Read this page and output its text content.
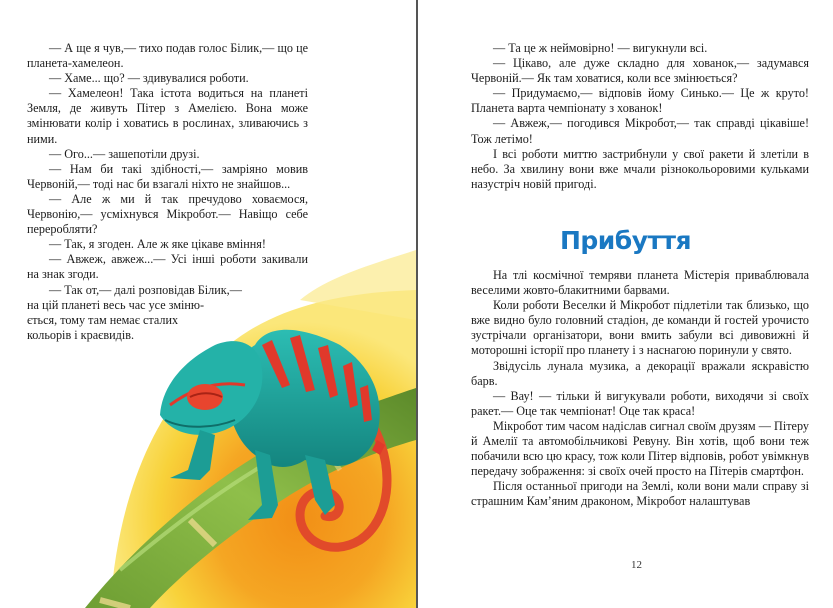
— А ще я чув,— тихо подав голос Білик,— що це планета-хамелеон.

— Хаме... що? — здивувалися роботи.

— Хамелеон! Така істота водиться на планеті Земля, де живуть Пітер з Амелією. Вона може змінювати колір і ховатись в рослинах, зливаючись з ними.

— Ого...— зашепотіли друзі.

— Нам би такі здібності,— замріяно мовив Червоній,— тоді нас би взагалі ніхто не знайшов...

— Але ж ми й так пречудово ховаємося, Червонію,— усміхнувся Мікробот.— Навіщо себе переробляти?

— Так, я згоден. Але ж яке цікаве вміння!

— Авжеж, авжеж...— Усі інші роботи закивали на знак згоди.

— Так от,— далі розповідав Білик,—

на цій планеті весь час усе зміню-

ється, тому там немає сталих

кольорів і краєвидів.

— Та це ж неймовірно! — вигукнули всі.

— Цікаво, але дуже складно для хованок,— задумався Червоній.— Як там ховатися, коли все змінюється?

— Придумаємо,— відповів йому Синько.— Це ж круто! Планета варта чемпіонату з хованок!

— Авжеж,— погодився Мікробот,— так справді цікавіше! Тож летімо!

І всі роботи миттю застрибнули у свої ракети й злетіли в небо. За хвилину вони вже мчали різнокольоровими кульками назустріч новій пригоді.

Прибуття

На тлі космічної темряви планета Містерія приваблювала веселими жовто-блакитними барвами.

Коли роботи Веселки й Мікробот підлетіли так близько, що вже видно було головний стадіон, де команди й гостей урочисто зустрічали організатори, вони вмить забули всі дивовижні й моторошні історії про планету і з наснагою поринули у свято.

Звідусіль лунала музика, а декорації вражали яскравістю барв.

— Вау! — тільки й вигукували роботи, виходячи зі своїх ракет.— Оце так чемпіонат! Оце так краса!

Мікробот тим часом надіслав сигнал своїм друзям — Пітеру й Амелії та автомобільчикові Ревуну. Він хотів, щоб вони теж побачили всю цю красу, тож коли Пітер відповів, робот увімкнув передачу зображення: зі своїх очей просто на Пітерів смартфон.

Після останньої пригоди на Землі, коли вони мали справу зі страшним Кам’яним драконом, Мікробот налаштував

12
